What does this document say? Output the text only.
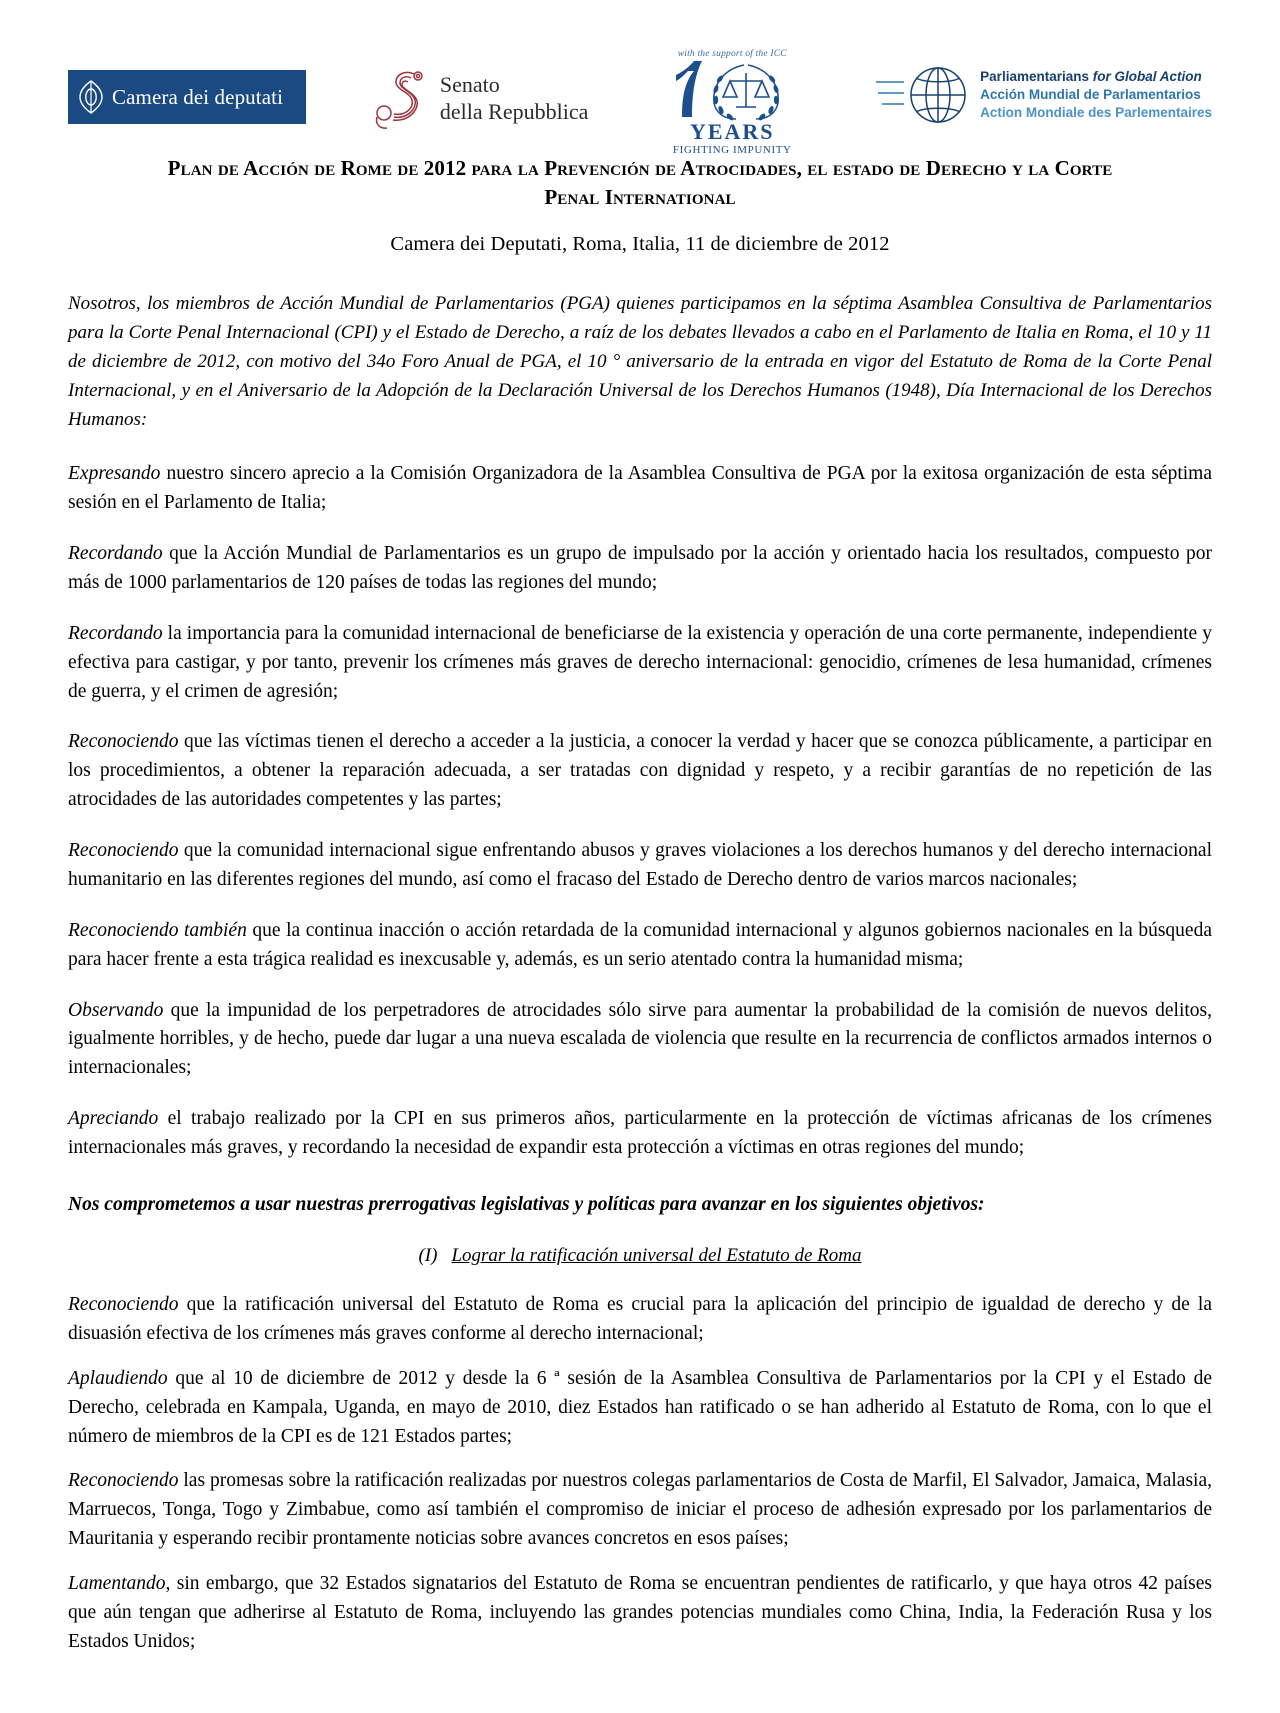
Camera dei deputati	Senato
della Repubblica
with the support of the ICC
YEARS
FIGHTING IMPUNITY
Parliamentarians for Global Action
Acción Mundial de Parlamentarios
Action Mondiale des Parlementaires
Plan de Acción de Rome de 2012 para la Prevención de Atrocidades, el estado de Derecho y la Corte Penal International
Camera dei Deputati, Roma, Italia, 11 de diciembre de 2012

Nosotros, los miembros de Acción Mundial de Parlamentarios (PGA) quienes participamos en la séptima Asamblea Consultiva de Parlamentarios para la Corte Penal Internacional (CPI) y el Estado de Derecho, a raíz de los debates llevados a cabo en el Parlamento de Italia en Roma, el 10 y 11 de diciembre de 2012, con motivo del 34o Foro Anual de PGA, el 10 ° aniversario de la entrada en vigor del Estatuto de Roma de la Corte Penal Internacional, y en el Aniversario de la Adopción de la Declaración Universal de los Derechos Humanos (1948), Día Internacional de los Derechos Humanos:

Expresando nuestro sincero aprecio a la Comisión Organizadora de la Asamblea Consultiva de PGA por la exitosa organización de esta séptima sesión en el Parlamento de Italia;

Recordando que la Acción Mundial de Parlamentarios es un grupo de impulsado por la acción y orientado hacia los resultados, compuesto por más de 1000 parlamentarios de 120 países de todas las regiones del mundo;

Recordando la importancia para la comunidad internacional de beneficiarse de la existencia y operación de una corte permanente, independiente y efectiva para castigar, y por tanto, prevenir los crímenes más graves de derecho internacional: genocidio, crímenes de lesa humanidad, crímenes de guerra, y el crimen de agresión;

Reconociendo que las víctimas tienen el derecho a acceder a la justicia, a conocer la verdad y hacer que se conozca públicamente, a participar en los procedimientos, a obtener la reparación adecuada, a ser tratadas con dignidad y respeto, y a recibir garantías de no repetición de las atrocidades de las autoridades competentes y las partes;

Reconociendo que la comunidad internacional sigue enfrentando abusos y graves violaciones a los derechos humanos y del derecho internacional humanitario en las diferentes regiones del mundo, así como el fracaso del Estado de Derecho dentro de varios marcos nacionales;

Reconociendo también que la continua inacción o acción retardada de la comunidad internacional y algunos gobiernos nacionales en la búsqueda para hacer frente a esta trágica realidad es inexcusable y, además, es un serio atentado contra la humanidad misma;

Observando que la impunidad de los perpetradores de atrocidades sólo sirve para aumentar la probabilidad de la comisión de nuevos delitos, igualmente horribles, y de hecho, puede dar lugar a una nueva escalada de violencia que resulte en la recurrencia de conflictos armados internos o internacionales;

Apreciando el trabajo realizado por la CPI en sus primeros años, particularmente en la protección de víctimas africanas de los crímenes internacionales más graves, y recordando la necesidad de expandir esta protección a víctimas en otras regiones del mundo;

Nos comprometemos a usar nuestras prerrogativas legislativas y políticas para avanzar en los siguientes objetivos:

(I) Lograr la ratificación universal del Estatuto de Roma

Reconociendo que la ratificación universal del Estatuto de Roma es crucial para la aplicación del principio de igualdad de derecho y de la disuasión efectiva de los crímenes más graves conforme al derecho internacional;

Aplaudiendo que al 10 de diciembre de 2012 y desde la 6 ª sesión de la Asamblea Consultiva de Parlamentarios por la CPI y el Estado de Derecho, celebrada en Kampala, Uganda, en mayo de 2010, diez Estados han ratificado o se han adherido al Estatuto de Roma, con lo que el número de miembros de la CPI es de 121 Estados partes;

Reconociendo las promesas sobre la ratificación realizadas por nuestros colegas parlamentarios de Costa de Marfil, El Salvador, Jamaica, Malasia, Marruecos, Tonga, Togo y Zimbabue, como así también el compromiso de iniciar el proceso de adhesión expresado por los parlamentarios de Mauritania y esperando recibir prontamente noticias sobre avances concretos en esos países;

Lamentando, sin embargo, que 32 Estados signatarios del Estatuto de Roma se encuentran pendientes de ratificarlo, y que haya otros 42 países que aún tengan que adherirse al Estatuto de Roma, incluyendo las grandes potencias mundiales como China, India, la Federación Rusa y los Estados Unidos;
